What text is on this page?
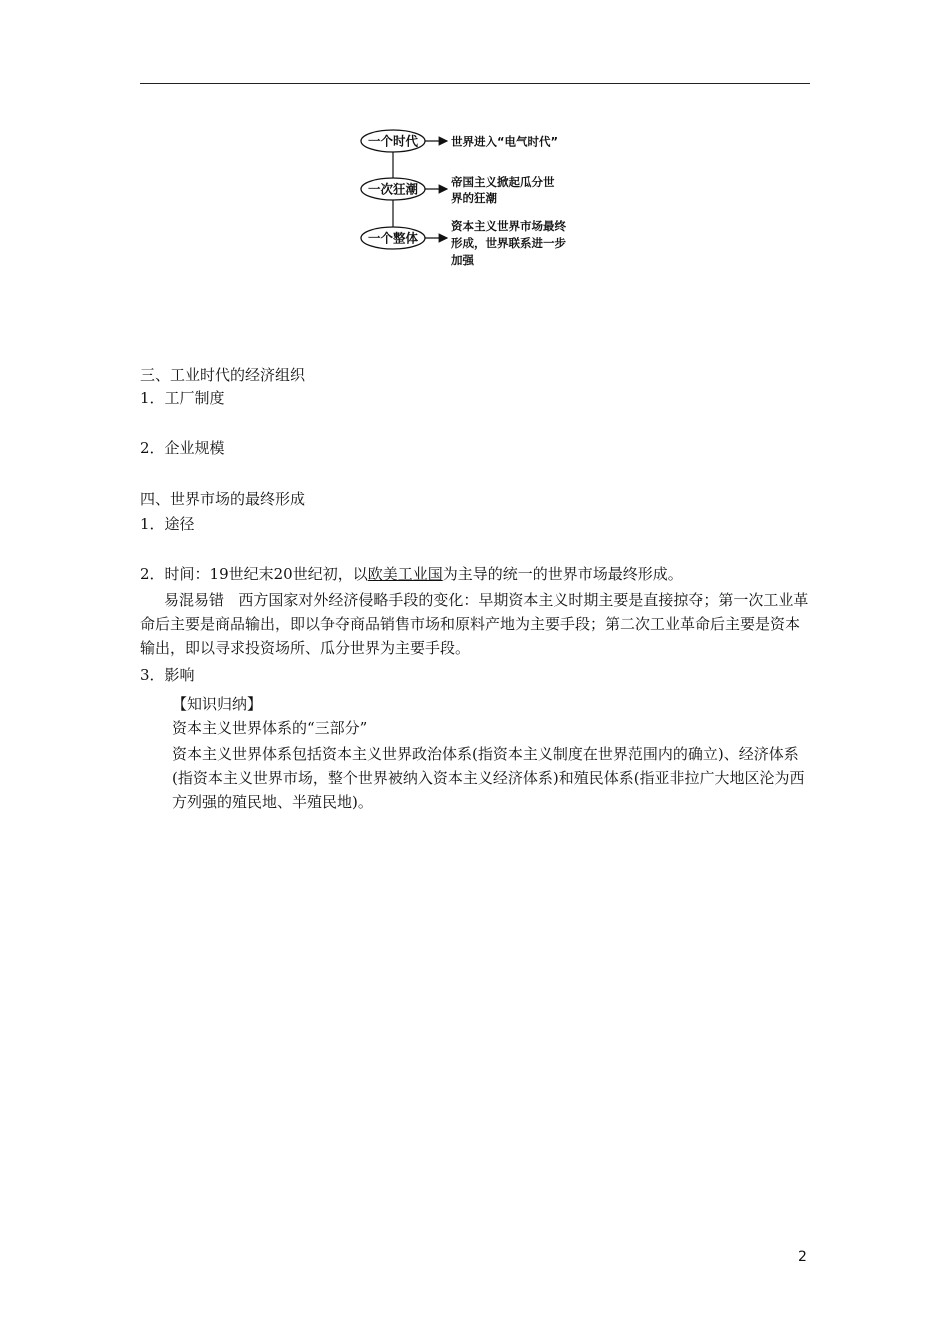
一个时代	世界进入“电气时代”
一次狂潮	帝国主义掀起瓜分世
界的狂潮
一个整体
资本主义世界市场最终
形成，世界联系进一步
加强
三、工业时代的经济组织
1．工厂制度
2．企业规模
四、世界市场的最终形成
1．途径
2．时间：19世纪末20世纪初，以欧美工业国为主导的统一的世界市场最终形成。
易混易错 西方国家对外经济侵略手段的变化：早期资本主义时期主要是直接掠夺；第一次工业革命后主要是商品输出，即以争夺商品销售市场和原料产地为主要手段；第二次工业革命后主要是资本输出，即以寻求投资场所、瓜分世界为主要手段。
3．影响
【知识归纳】
资本主义世界体系的“三部分”
资本主义世界体系包括资本主义世界政治体系(指资本主义制度在世界范围内的确立)、经济体系(指资本主义世界市场，整个世界被纳入资本主义经济体系)和殖民体系(指亚非拉广大地区沦为西方列强的殖民地、半殖民地)。
2
